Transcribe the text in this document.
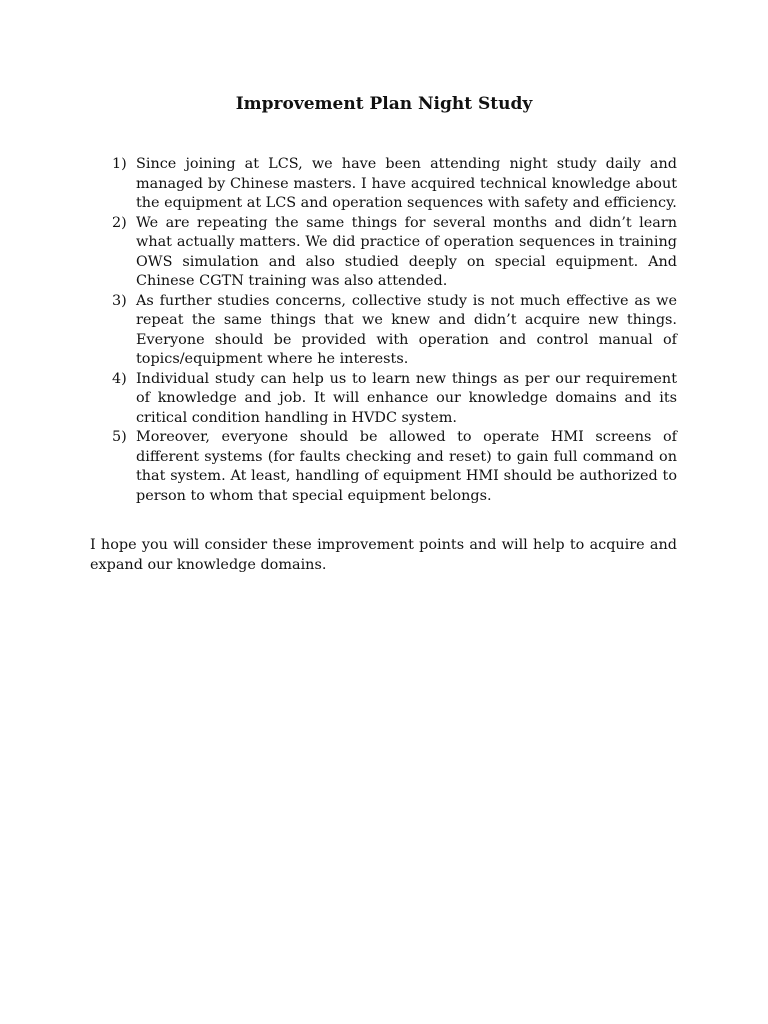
Improvement Plan Night Study
1) Since joining at LCS, we have been attending night study daily and managed by Chinese masters. I have acquired technical knowledge about the equipment at LCS and operation sequences with safety and efficiency.
2) We are repeating the same things for several months and didn’t learn what actually matters. We did practice of operation sequences in training OWS simulation and also studied deeply on special equipment. And Chinese CGTN training was also attended.
3) As further studies concerns, collective study is not much effective as we repeat the same things that we knew and didn’t acquire new things. Everyone should be provided with operation and control manual of topics/equipment where he interests.
4) Individual study can help us to learn new things as per our requirement of knowledge and job. It will enhance our knowledge domains and its critical condition handling in HVDC system.
5) Moreover, everyone should be allowed to operate HMI screens of different systems (for faults checking and reset) to gain full command on that system. At least, handling of equipment HMI should be authorized to person to whom that special equipment belongs.

I hope you will consider these improvement points and will help to acquire and expand our knowledge domains.
